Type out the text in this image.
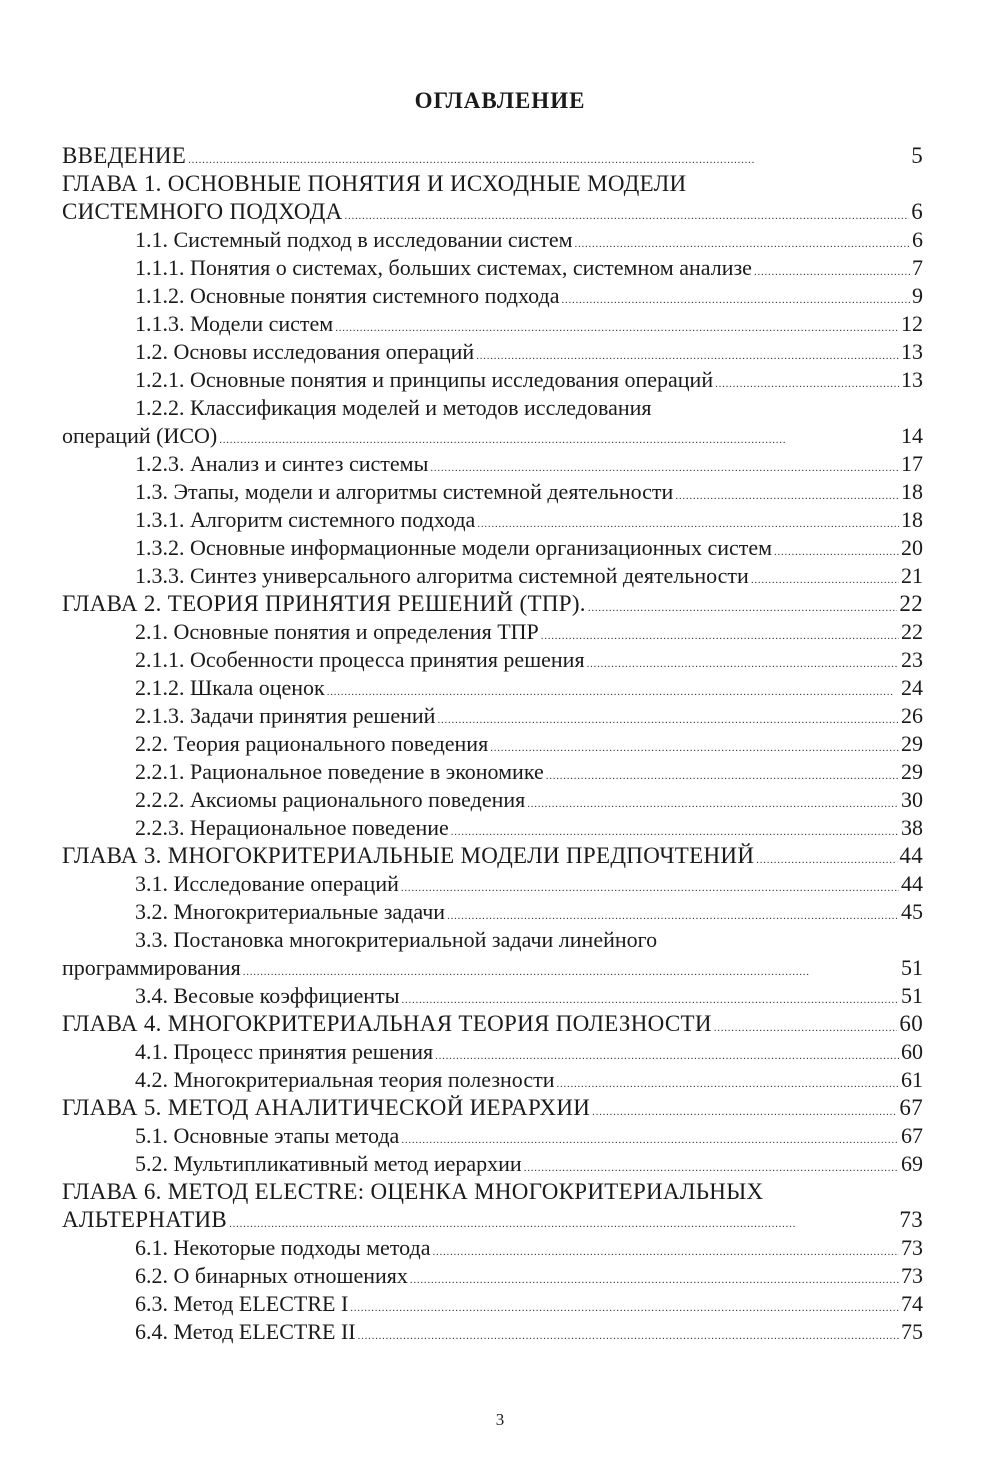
ОГЛАВЛЕНИЕ
ВВЕДЕНИЕ . . .	5
ГЛАВА 1. ОСНОВНЫЕ ПОНЯТИЯ И ИСХОДНЫЕ МОДЕЛИ
СИСТЕМНОГО ПОДХОДА . . .	6
1.1. Системный подход в исследовании систем . . .	6
1.1.1. Понятия о системах, больших системах, системном анализе . . .	7
1.1.2. Основные понятия системного подхода . . .	9
1.1.3. Модели систем . . .	12
1.2. Основы исследования операций . . .	13
1.2.1. Основные понятия и принципы исследования операций . . .	13
1.2.2. Классификация моделей и методов исследования
операций (ИСО) . . .	14
1.2.3. Анализ и синтез системы . . .	17
1.3. Этапы, модели и алгоритмы системной деятельности . . .	18
1.3.1. Алгоритм системного подхода . . .	18
1.3.2. Основные информационные модели организационных систем . . .	20
1.3.3. Синтез универсального алгоритма системной деятельности . . .	21
ГЛАВА 2. ТЕОРИЯ ПРИНЯТИЯ РЕШЕНИЙ (ТПР). . . .	22
2.1. Основные понятия и определения ТПР . . .	22
2.1.1. Особенности процесса принятия решения . . .	23
2.1.2. Шкала оценок . . .	24
2.1.3. Задачи принятия решений . . .	26
2.2. Теория рационального поведения . . .	29
2.2.1. Рациональное поведение в экономике . . .	29
2.2.2. Аксиомы рационального поведения . . .	30
2.2.3. Нерациональное поведение . . .	38
ГЛАВА 3. МНОГОКРИТЕРИАЛЬНЫЕ МОДЕЛИ ПРЕДПОЧТЕНИЙ . . .	44
3.1. Исследование операций . . .	44
3.2. Многокритериальные задачи . . .	45
3.3. Постановка многокритериальной задачи линейного
программирования . . .	51
3.4. Весовые коэффициенты . . .	51
ГЛАВА 4. МНОГОКРИТЕРИАЛЬНАЯ ТЕОРИЯ ПОЛЕЗНОСТИ . . .	60
4.1. Процесс принятия решения . . .	60
4.2. Многокритериальная теория полезности . . .	61
ГЛАВА 5. МЕТОД АНАЛИТИЧЕСКОЙ ИЕРАРХИИ . . .	67
5.1. Основные этапы метода . . .	67
5.2. Мультипликативный метод иерархии . . .	69
ГЛАВА 6. МЕТОД ELECTRE: ОЦЕНКА МНОГОКРИТЕРИАЛЬНЫХ
АЛЬТЕРНАТИВ . . .	73
6.1. Некоторые подходы метода . . .	73
6.2. О бинарных отношениях . . .	73
6.3. Метод ELECTRE I . . .	74
6.4. Метод ELECTRE II . . .	75
3
